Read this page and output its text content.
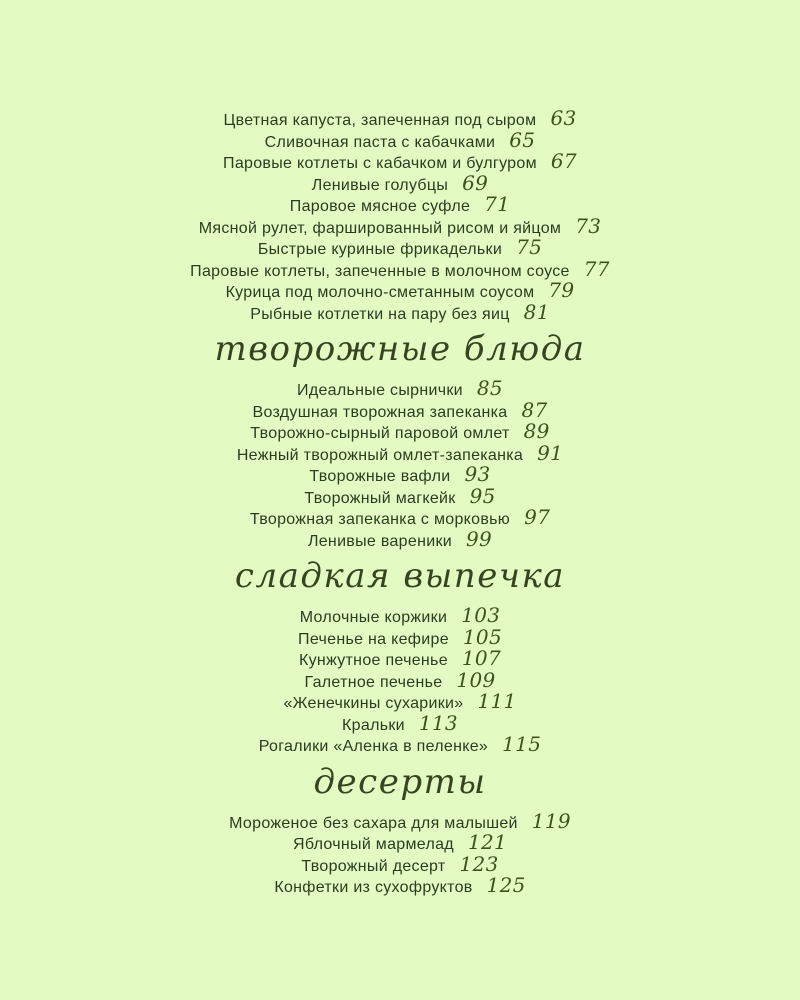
Цветная капуста, запеченная под сыром 63
Сливочная паста с кабачками 65
Паровые котлеты с кабачком и булгуром 67
Ленивые голубцы 69
Паровое мясное суфле 71
Мясной рулет, фаршированный рисом и яйцом 73
Быстрые куриные фрикадельки 75
Паровые котлеты, запеченные в молочном соусе 77
Курица под молочно-сметанным соусом 79
Рыбные котлетки на пару без яиц 81
творожные блюда
Идеальные сырнички 85
Воздушная творожная запеканка 87
Творожно-сырный паровой омлет 89
Нежный творожный омлет-запеканка 91
Творожные вафли 93
Творожный магкейк 95
Творожная запеканка с морковью 97
Ленивые вареники 99
сладкая выпечка
Молочные коржики 103
Печенье на кефире 105
Кунжутное печенье 107
Галетное печенье 109
«Женечкины сухарики» 111
Кральки 113
Рогалики «Аленка в пеленке» 115
десерты
Мороженое без сахара для малышей 119
Яблочный мармелад 121
Творожный десерт 123
Конфетки из сухофруктов 125
